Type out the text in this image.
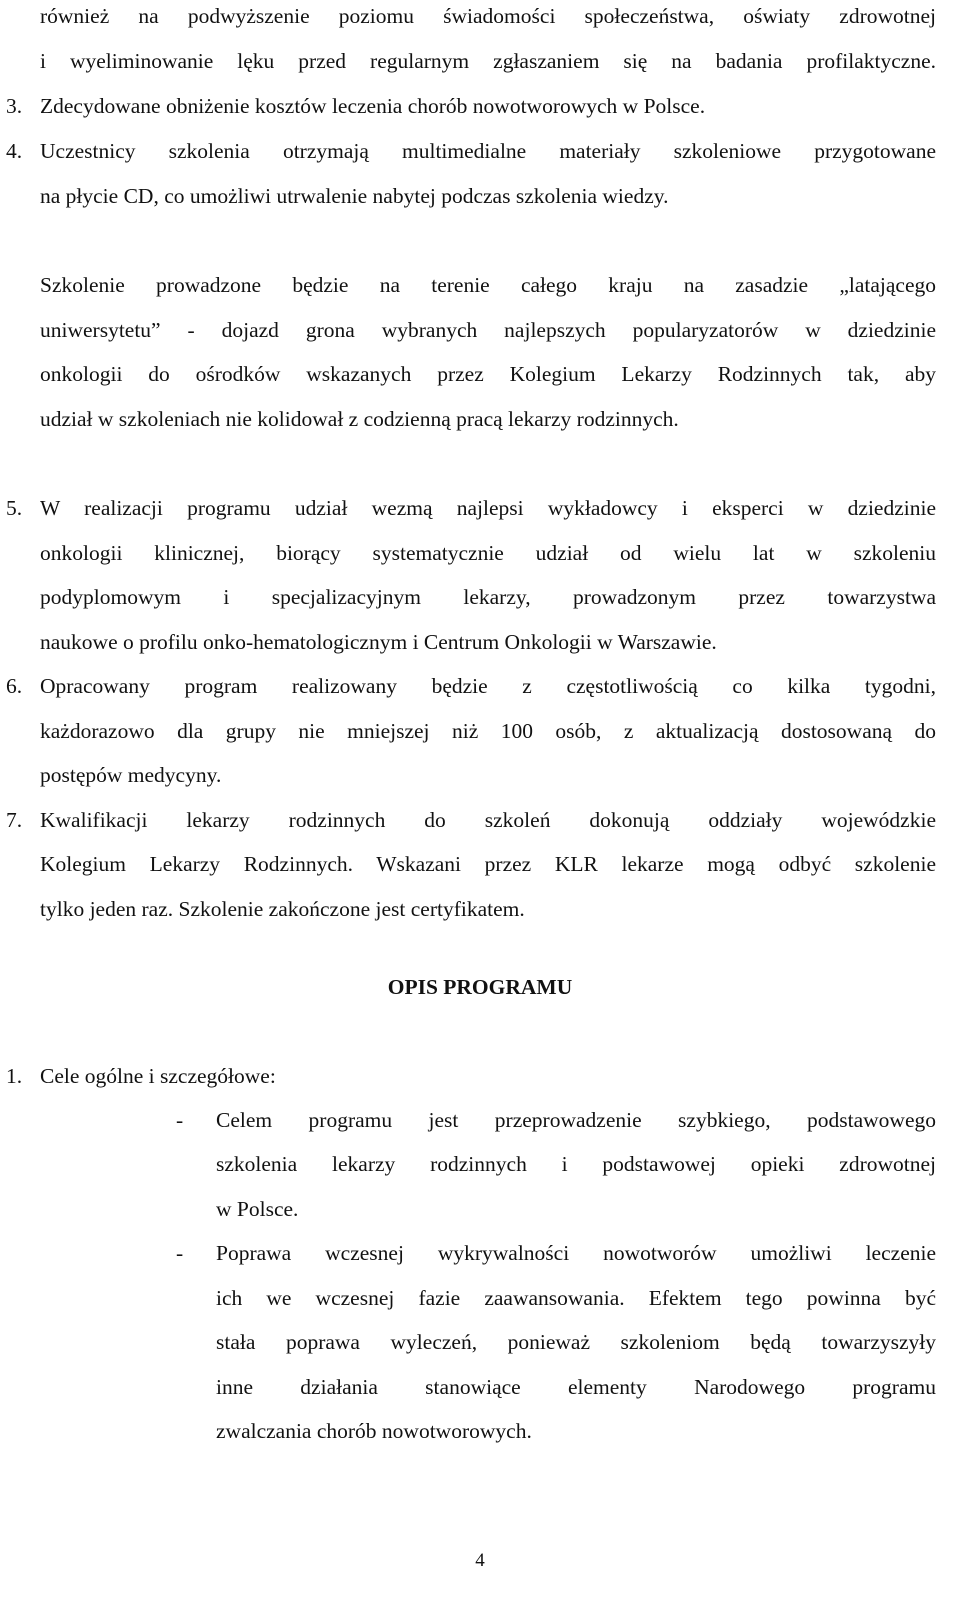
również na podwyższenie poziomu świadomości społeczeństwa, oświaty zdrowotnej
i wyeliminowanie lęku przed regularnym zgłaszaniem się na badania profilaktyczne.
3. Zdecydowane obniżenie kosztów leczenia chorób nowotworowych w Polsce.
4. Uczestnicy szkolenia otrzymają multimedialne materiały szkoleniowe przygotowane
na płycie CD, co umożliwi utrwalenie nabytej podczas szkolenia wiedzy.
Szkolenie prowadzone będzie na terenie całego kraju na zasadzie „latającego
uniwersytetu” - dojazd grona wybranych najlepszych popularyzatorów w dziedzinie
onkologii do ośrodków wskazanych przez Kolegium Lekarzy Rodzinnych tak, aby
udział w szkoleniach nie kolidował z codzienną pracą lekarzy rodzinnych.
5. W realizacji programu udział wezmą najlepsi wykładowcy i eksperci w dziedzinie
onkologii klinicznej, biorący systematycznie udział od wielu lat w szkoleniu
podyplomowym i specjalizacyjnym lekarzy, prowadzonym przez towarzystwa
naukowe o profilu onko-hematologicznym i Centrum Onkologii w Warszawie.
6. Opracowany program realizowany będzie z częstotliwością co kilka tygodni,
każdorazowo dla grupy nie mniejszej niż 100 osób, z aktualizacją dostosowaną do
postępów medycyny.
7. Kwalifikacji lekarzy rodzinnych do szkoleń dokonują oddziały wojewódzkie
Kolegium Lekarzy Rodzinnych. Wskazani przez KLR lekarze mogą odbyć szkolenie
tylko jeden raz. Szkolenie zakończone jest certyfikatem.
OPIS PROGRAMU
1. Cele ogólne i szczegółowe:
- Celem programu jest przeprowadzenie szybkiego, podstawowego
szkolenia lekarzy rodzinnych i podstawowej opieki zdrowotnej
w Polsce.
- Poprawa wczesnej wykrywalności nowotworów umożliwi leczenie
ich we wczesnej fazie zaawansowania. Efektem tego powinna być
stała poprawa wyleczeń, ponieważ szkoleniom będą towarzyszyły
inne działania stanowiące elementy Narodowego programu
zwalczania chorób nowotworowych.
4
